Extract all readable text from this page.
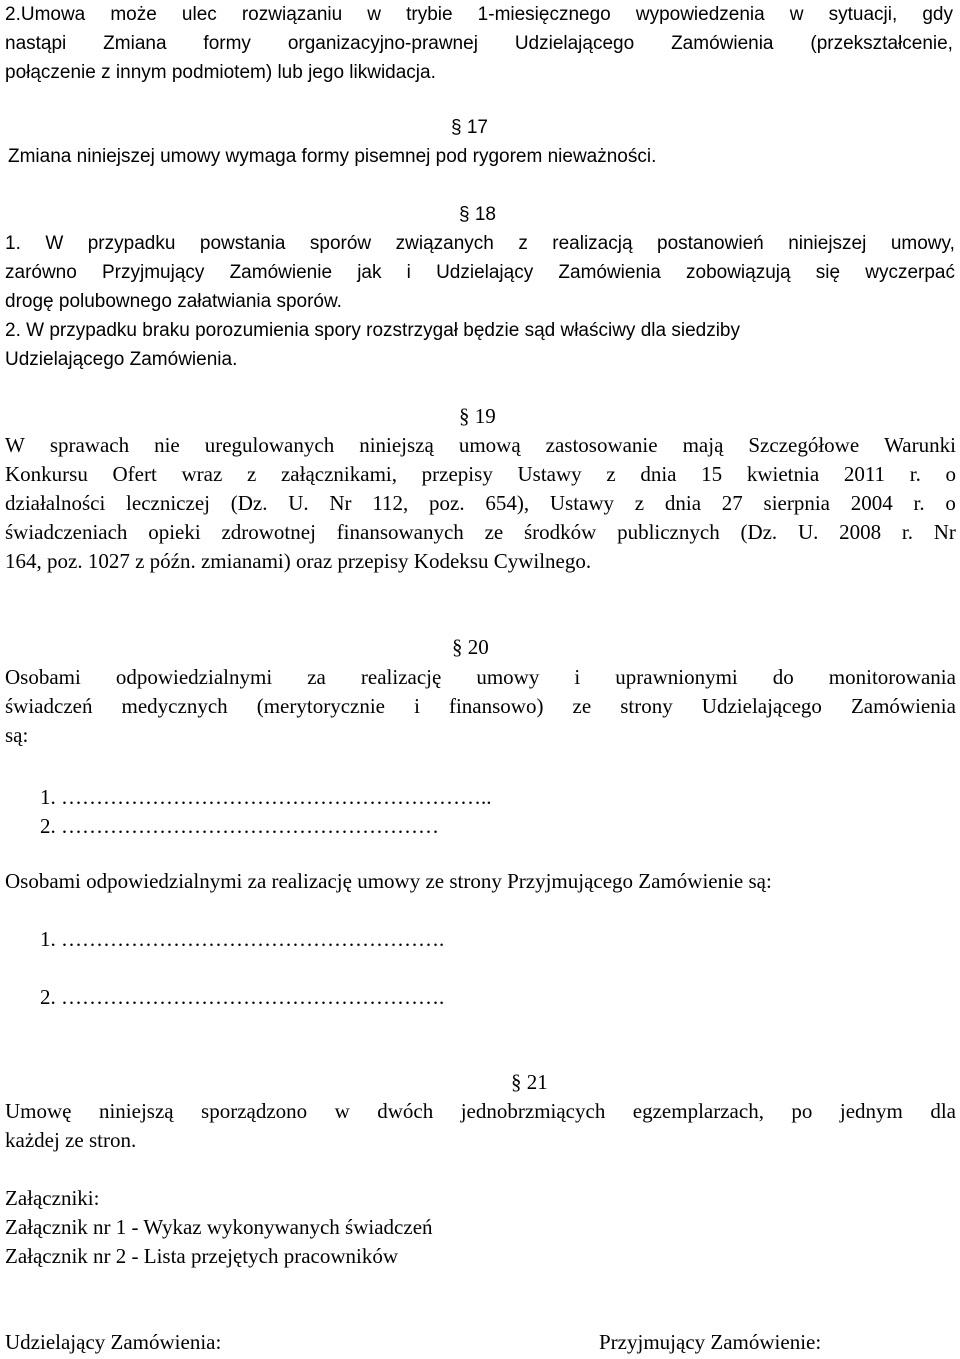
2.Umowa może ulec rozwiązaniu w trybie 1-miesięcznego wypowiedzenia w sytuacji, gdy
nastąpi Zmiana formy organizacyjno-prawnej Udzielającego Zamówienia (przekształcenie,
połączenie z innym podmiotem) lub jego likwidacja.
§ 17
Zmiana niniejszej umowy wymaga formy pisemnej pod rygorem nieważności.
§ 18
1. W przypadku powstania sporów związanych z realizacją postanowień niniejszej umowy,
zarówno Przyjmujący Zamówienie jak i Udzielający Zamówienia zobowiązują się wyczerpać
drogę polubownego załatwiania sporów.
2. W przypadku braku porozumienia spory rozstrzygał będzie sąd właściwy dla siedziby
Udzielającego Zamówienia.
§ 19
W sprawach nie uregulowanych niniejszą umową zastosowanie mają Szczegółowe Warunki
Konkursu Ofert wraz z załącznikami, przepisy Ustawy z dnia 15 kwietnia 2011 r. o
działalności leczniczej (Dz. U. Nr 112, poz. 654), Ustawy z dnia 27 sierpnia 2004 r. o
świadczeniach opieki zdrowotnej finansowanych ze środków publicznych (Dz. U. 2008 r. Nr
164, poz. 1027 z późn. zmianami) oraz przepisy Kodeksu Cywilnego.
§ 20
Osobami odpowiedzialnymi za realizację umowy i uprawnionymi do monitorowania
świadczeń medycznych (merytorycznie i finansowo) ze strony Udzielającego Zamówienia
są:
1. ……………………………………………………..
2. ………………………………………………
Osobami odpowiedzialnymi za realizację umowy ze strony Przyjmującego Zamówienie są:
1. ……………………………………………….
2. ……………………………………………….
§ 21
Umowę niniejszą sporządzono w dwóch jednobrzmiących egzemplarzach, po jednym dla
każdej ze stron.
Załączniki:
Załącznik nr 1 - Wykaz wykonywanych świadczeń
Załącznik nr 2 - Lista przejętych pracowników
Udzielający Zamówienia:	Przyjmujący Zamówienie:
